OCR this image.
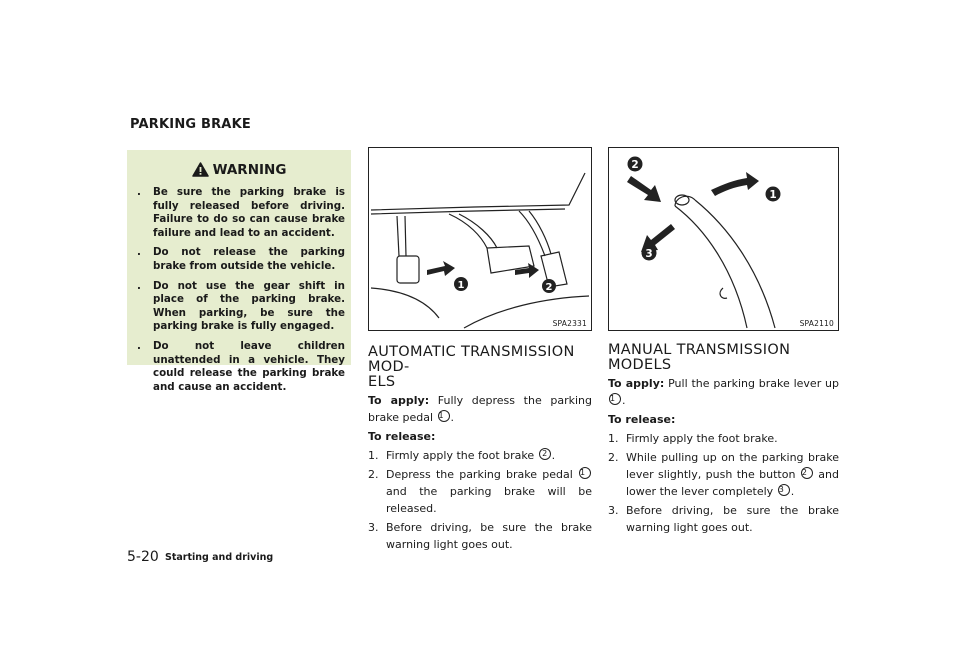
PARKING BRAKE
WARNING
. Be sure the parking brake is fully released before driving. Failure to do so can cause brake failure and lead to an accident.
. Do not release the parking brake from outside the vehicle.
. Do not use the gear shift in place of the parking brake. When parking, be sure the parking brake is fully engaged.
. Do not leave children unattended in a vehicle. They could release the parking brake and cause an accident.
1	2
SPA2331
2
1
3
SPA2110
AUTOMATIC TRANSMISSION MOD-
ELS
To apply: Fully depress the parking brake pedal 1 .
To release:
1. Firmly apply the foot brake 2 .
2. Depress the parking brake pedal 1 and the parking brake will be released.
3. Before driving, be sure the brake warning light goes out.
MANUAL TRANSMISSION MODELS
To apply: Pull the parking brake lever up 1 .
To release:
1. Firmly apply the foot brake.
2. While pulling up on the parking brake lever slightly, push the button 2 and lower the lever completely 3 .
3. Before driving, be sure the brake warning light goes out.
5-20 Starting and driving
